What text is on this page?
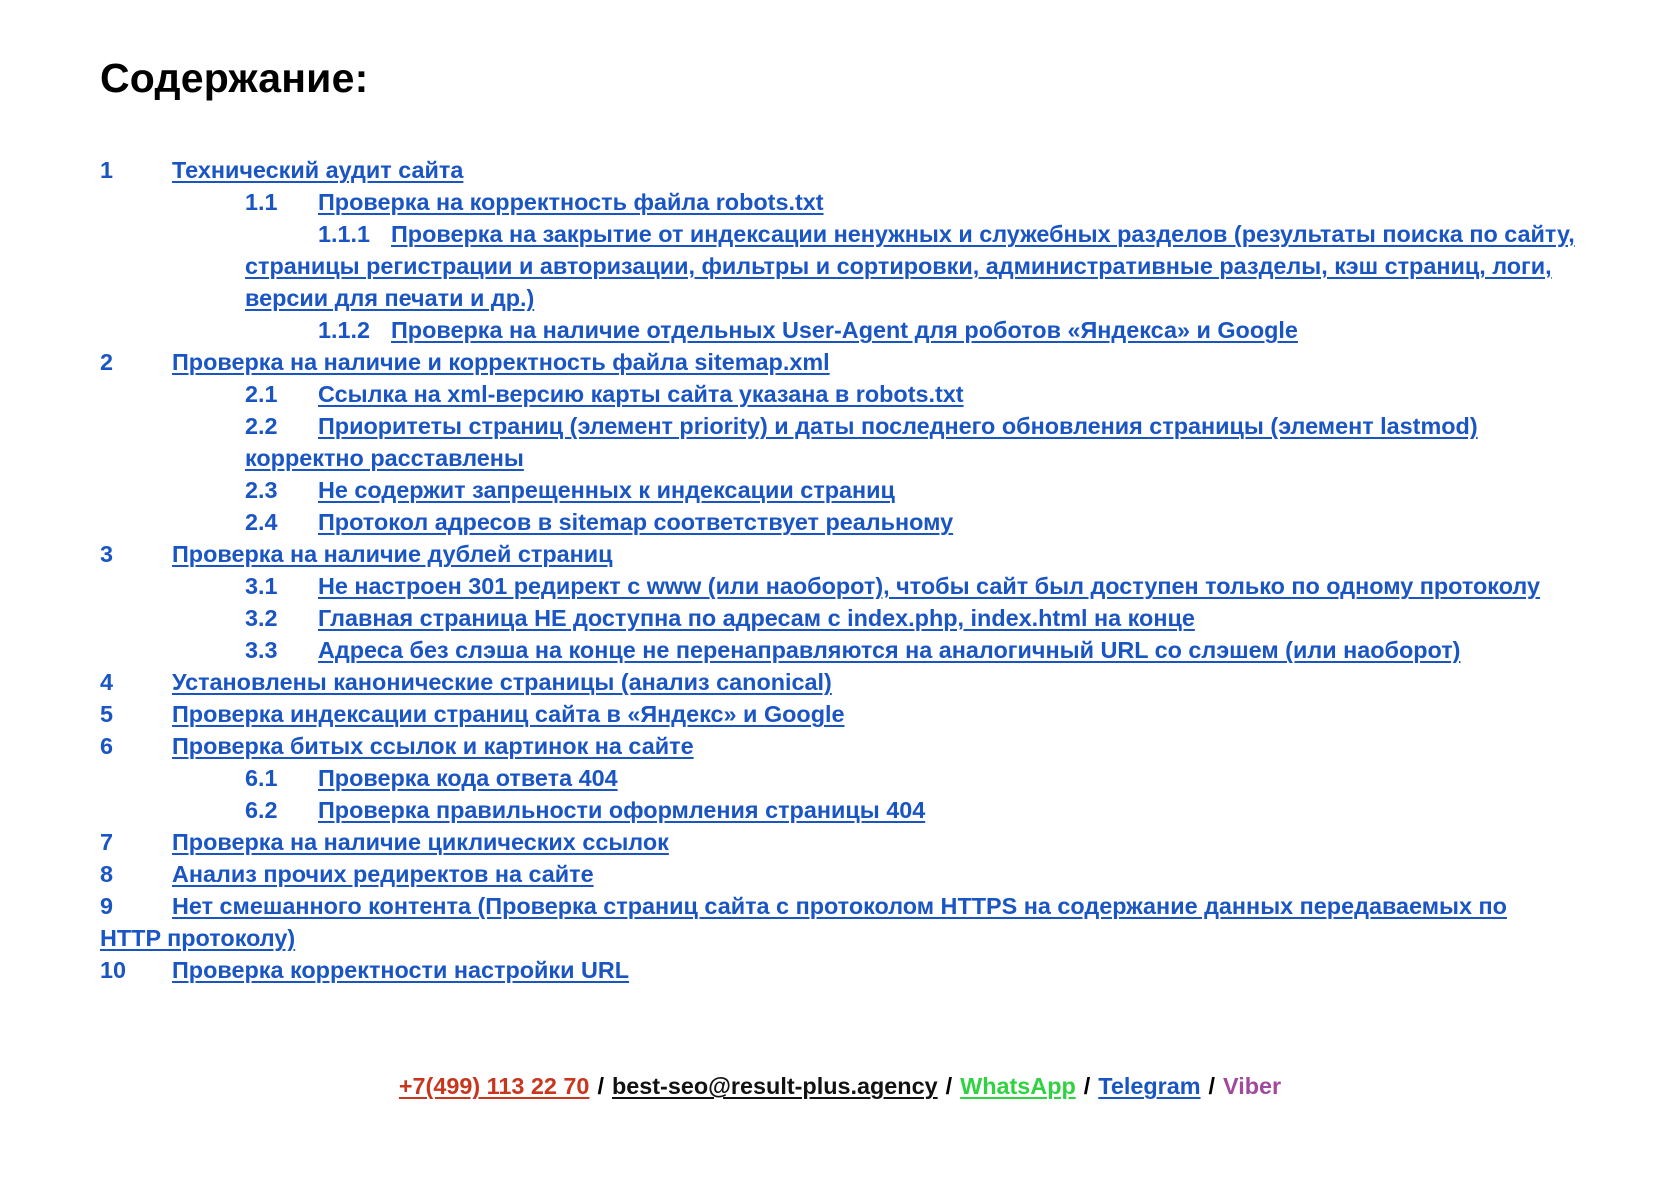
Содержание:
1	Технический аудит сайта
1.1 Проверка на корректность файла robots.txt
1.1.1 Проверка на закрытие от индексации ненужных и служебных разделов (результаты поиска по сайту, страницы регистрации и авторизации, фильтры и сортировки, административные разделы, кэш страниц, логи, версии для печати и др.)
1.1.2 Проверка на наличие отдельных User-Agent для роботов «Яндекса» и Google
2	Проверка на наличие и корректность файла sitemap.xml
2.1 Ссылка на xml-версию карты сайта указана в robots.txt
2.2 Приоритеты страниц (элемент priority) и даты последнего обновления страницы (элемент lastmod) корректно расставлены
2.3 Не содержит запрещенных к индексации страниц
2.4 Протокол адресов в sitemap соответствует реальному
3	Проверка на наличие дублей страниц
3.1 Не настроен 301 редирект с www (или наоборот), чтобы сайт был доступен только по одному протоколу
3.2 Главная страница НЕ доступна по адресам с index.php, index.html на конце
3.3 Адреса без слэша на конце не перенаправляются на аналогичный URL со слэшем (или наоборот)
4	Установлены канонические страницы (анализ canonical)
5	Проверка индексации страниц сайта в «Яндекс» и Google
6	Проверка битых ссылок и картинок на сайте
6.1 Проверка кода ответа 404
6.2 Проверка правильности оформления страницы 404
7	Проверка на наличие циклических ссылок
8	Анализ прочих редиректов на сайте
9	Нет смешанного контента (Проверка страниц сайта с протоколом HTTPS на содержание данных передаваемых по HTTP протоколу)
10 Проверка корректности настройки URL
+7(499) 113 22 70 / best-seo@result-plus.agency / WhatsApp / Telegram / Viber
